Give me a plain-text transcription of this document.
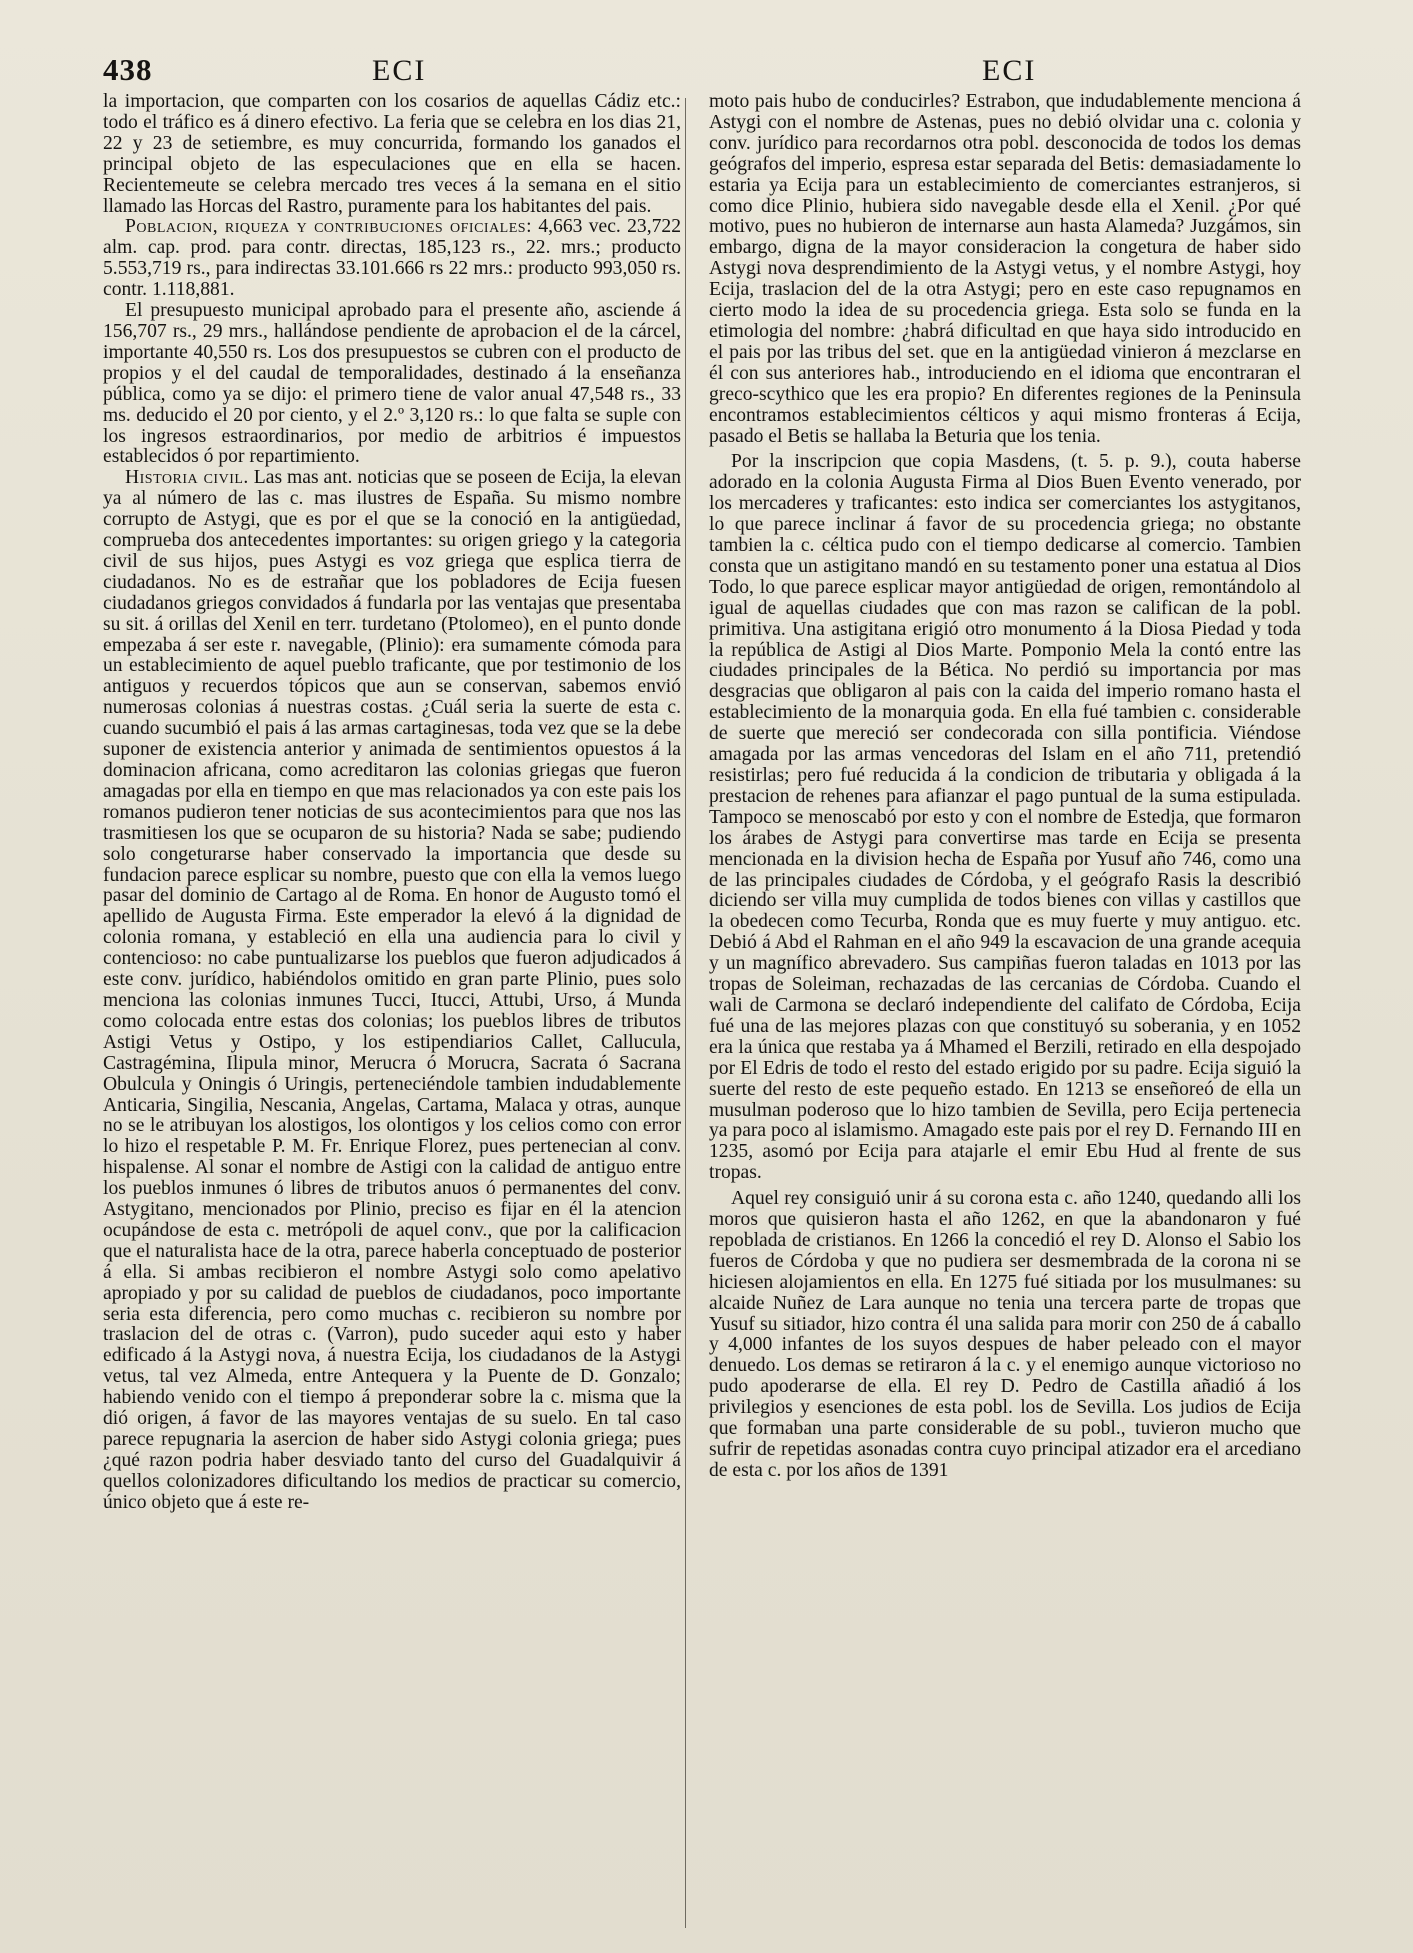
438	ECI	ECI

la importacion, que comparten con los cosarios de aquellas Cádiz etc.: todo el tráfico es á dinero efectivo. La feria que se celebra en los dias 21, 22 y 23 de setiembre, es muy concurrida, formando los ganados el principal objeto de las especulaciones que en ella se hacen. Recientemeute se celebra mercado tres veces á la semana en el sitio llamado las Horcas del Rastro, puramente para los habitantes del pais.

Poblacion, riqueza y contribuciones oficiales: 4,663 vec. 23,722 alm. cap. prod. para contr. directas, 185,123 rs., 22. mrs.; producto 5.553,719 rs., para indirectas 33.101.666 rs 22 mrs.: producto 993,050 rs. contr. 1.118,881.

El presupuesto municipal aprobado para el presente año, asciende á 156,707 rs., 29 mrs., hallándose pendiente de aprobacion el de la cárcel, importante 40,550 rs. Los dos presupuestos se cubren con el producto de propios y el del caudal de temporalidades, destinado á la enseñanza pública, como ya se dijo: el primero tiene de valor anual 47,548 rs., 33 ms. deducido el 20 por ciento, y el 2.º 3,120 rs.: lo que falta se suple con los ingresos estraordinarios, por medio de arbitrios é impuestos establecidos ó por repartimiento.

Historia civil. Las mas ant. noticias que se poseen de Ecija, la elevan ya al número de las c. mas ilustres de España. Su mismo nombre corrupto de Astygi, que es por el que se la conoció en la antigüedad, comprueba dos antecedentes importantes: su origen griego y la categoria civil de sus hijos, pues Astygi es voz griega que esplica tierra de ciudadanos. No es de estrañar que los pobladores de Ecija fuesen ciudadanos griegos convidados á fundarla por las ventajas que presentaba su sit. á orillas del Xenil en terr. turdetano (Ptolomeo), en el punto donde empezaba á ser este r. navegable, (Plinio): era sumamente cómoda para un establecimiento de aquel pueblo traficante, que por testimonio de los antiguos y recuerdos tópicos que aun se conservan, sabemos envió numerosas colonias á nuestras costas. ¿Cuál seria la suerte de esta c. cuando sucumbió el pais á las armas cartaginesas, toda vez que se la debe suponer de existencia anterior y animada de sentimientos opuestos á la dominacion africana, como acreditaron las colonias griegas que fueron amagadas por ella en tiempo en que mas relacionados ya con este pais los romanos pudieron tener noticias de sus acontecimientos para que nos las trasmitiesen los que se ocuparon de su historia? Nada se sabe; pudiendo solo congeturarse haber conservado la importancia que desde su fundacion parece esplicar su nombre, puesto que con ella la vemos luego pasar del dominio de Cartago al de Roma. En honor de Augusto tomó el apellido de Augusta Firma. Este emperador la elevó á la dignidad de colonia romana, y estableció en ella una audiencia para lo civil y contencioso: no cabe puntualizarse los pueblos que fueron adjudicados á este conv. jurídico, habiéndolos omitido en gran parte Plinio, pues solo menciona las colonias inmunes Tucci, Itucci, Attubi, Urso, á Munda como colocada entre estas dos colonias; los pueblos libres de tributos Astigi Vetus y Ostipo, y los estipendiarios Callet, Callucula, Castragémina, Ilipula minor, Merucra ó Morucra, Sacrata ó Sacrana Obulcula y Oningis ó Uringis, perteneciéndole tambien indudablemente Anticaria, Singilia, Nescania, Angelas, Cartama, Malaca y otras, aunque no se le atribuyan los alostigos, los olontigos y los celios como con error lo hizo el respetable P. M. Fr. Enrique Florez, pues pertenecian al conv. hispalense. Al sonar el nombre de Astigi con la calidad de antiguo entre los pueblos inmunes ó libres de tributos anuos ó permanentes del conv. Astygitano, mencionados por Plinio, preciso es fijar en él la atencion ocupándose de esta c. metrópoli de aquel conv., que por la calificacion que el naturalista hace de la otra, parece haberla conceptuado de posterior á ella. Si ambas recibieron el nombre Astygi solo como apelativo apropiado y por su calidad de pueblos de ciudadanos, poco importante seria esta diferencia, pero como muchas c. recibieron su nombre por traslacion del de otras c. (Varron), pudo suceder aqui esto y haber edificado á la Astygi nova, á nuestra Ecija, los ciudadanos de la Astygi vetus, tal vez Almeda, entre Antequera y la Puente de D. Gonzalo; habiendo venido con el tiempo á preponderar sobre la c. misma que la dió origen, á favor de las mayores ventajas de su suelo. En tal caso parece repugnaria la asercion de haber sido Astygi colonia griega; pues ¿qué razon podria haber desviado tanto del curso del Guadalquivir á quellos colonizadores dificultando los medios de practicar su comercio, único objeto que á este re-

moto pais hubo de conducirles? Estrabon, que indudablemente menciona á Astygi con el nombre de Astenas, pues no debió olvidar una c. colonia y conv. jurídico para recordarnos otra pobl. desconocida de todos los demas geógrafos del imperio, espresa estar separada del Betis: demasiadamente lo estaria ya Ecija para un establecimiento de comerciantes estranjeros, si como dice Plinio, hubiera sido navegable desde ella el Xenil. ¿Por qué motivo, pues no hubieron de internarse aun hasta Alameda? Juzgámos, sin embargo, digna de la mayor consideracion la congetura de haber sido Astygi nova desprendimiento de la Astygi vetus, y el nombre Astygi, hoy Ecija, traslacion del de la otra Astygi; pero en este caso repugnamos en cierto modo la idea de su procedencia griega. Esta solo se funda en la etimologia del nombre: ¿habrá dificultad en que haya sido introducido en el pais por las tribus del set. que en la antigüedad vinieron á mezclarse en él con sus anteriores hab., introduciendo en el idioma que encontraran el greco-scythico que les era propio? En diferentes regiones de la Peninsula encontramos establecimientos célticos y aqui mismo fronteras á Ecija, pasado el Betis se hallaba la Beturia que los tenia.

Por la inscripcion que copia Masdens, (t. 5. p. 9.), couta haberse adorado en la colonia Augusta Firma al Dios Buen Evento venerado, por los mercaderes y traficantes: esto indica ser comerciantes los astygitanos, lo que parece inclinar á favor de su procedencia griega; no obstante tambien la c. céltica pudo con el tiempo dedicarse al comercio. Tambien consta que un astigitano mandó en su testamento poner una estatua al Dios Todo, lo que parece esplicar mayor antigüedad de origen, remontándolo al igual de aquellas ciudades que con mas razon se califican de la pobl. primitiva. Una astigitana erigió otro monumento á la Diosa Piedad y toda la república de Astigi al Dios Marte. Pomponio Mela la contó entre las ciudades principales de la Bética. No perdió su importancia por mas desgracias que obligaron al pais con la caida del imperio romano hasta el establecimiento de la monarquia goda. En ella fué tambien c. considerable de suerte que mereció ser condecorada con silla pontificia. Viéndose amagada por las armas vencedoras del Islam en el año 711, pretendió resistirlas; pero fué reducida á la condicion de tributaria y obligada á la prestacion de rehenes para afianzar el pago puntual de la suma estipulada. Tampoco se menoscabó por esto y con el nombre de Estedja, que formaron los árabes de Astygi para convertirse mas tarde en Ecija se presenta mencionada en la division hecha de España por Yusuf año 746, como una de las principales ciudades de Córdoba, y el geógrafo Rasis la describió diciendo ser villa muy cumplida de todos bienes con villas y castillos que la obedecen como Tecurba, Ronda que es muy fuerte y muy antiguo. etc. Debió á Abd el Rahman en el año 949 la escavacion de una grande acequia y un magnífico abrevadero. Sus campiñas fueron taladas en 1013 por las tropas de Soleiman, rechazadas de las cercanias de Córdoba. Cuando el wali de Carmona se declaró independiente del califato de Córdoba, Ecija fué una de las mejores plazas con que constituyó su soberania, y en 1052 era la única que restaba ya á Mhamed el Berzili, retirado en ella despojado por El Edris de todo el resto del estado erigido por su padre. Ecija siguió la suerte del resto de este pequeño estado. En 1213 se enseñoreó de ella un musulman poderoso que lo hizo tambien de Sevilla, pero Ecija pertenecia ya para poco al islamismo. Amagado este pais por el rey D. Fernando III en 1235, asomó por Ecija para atajarle el emir Ebu Hud al frente de sus tropas.

Aquel rey consiguió unir á su corona esta c. año 1240, quedando alli los moros que quisieron hasta el año 1262, en que la abandonaron y fué repoblada de cristianos. En 1266 la concedió el rey D. Alonso el Sabio los fueros de Córdoba y que no pudiera ser desmembrada de la corona ni se hiciesen alojamientos en ella. En 1275 fué sitiada por los musulmanes: su alcaide Nuñez de Lara aunque no tenia una tercera parte de tropas que Yusuf su sitiador, hizo contra él una salida para morir con 250 de á caballo y 4,000 infantes de los suyos despues de haber peleado con el mayor denuedo. Los demas se retiraron á la c. y el enemigo aunque victorioso no pudo apoderarse de ella. El rey D. Pedro de Castilla añadió á los privilegios y esenciones de esta pobl. los de Sevilla. Los judios de Ecija que formaban una parte considerable de su pobl., tuvieron mucho que sufrir de repetidas asonadas contra cuyo principal atizador era el arcediano de esta c. por los años de 1391
